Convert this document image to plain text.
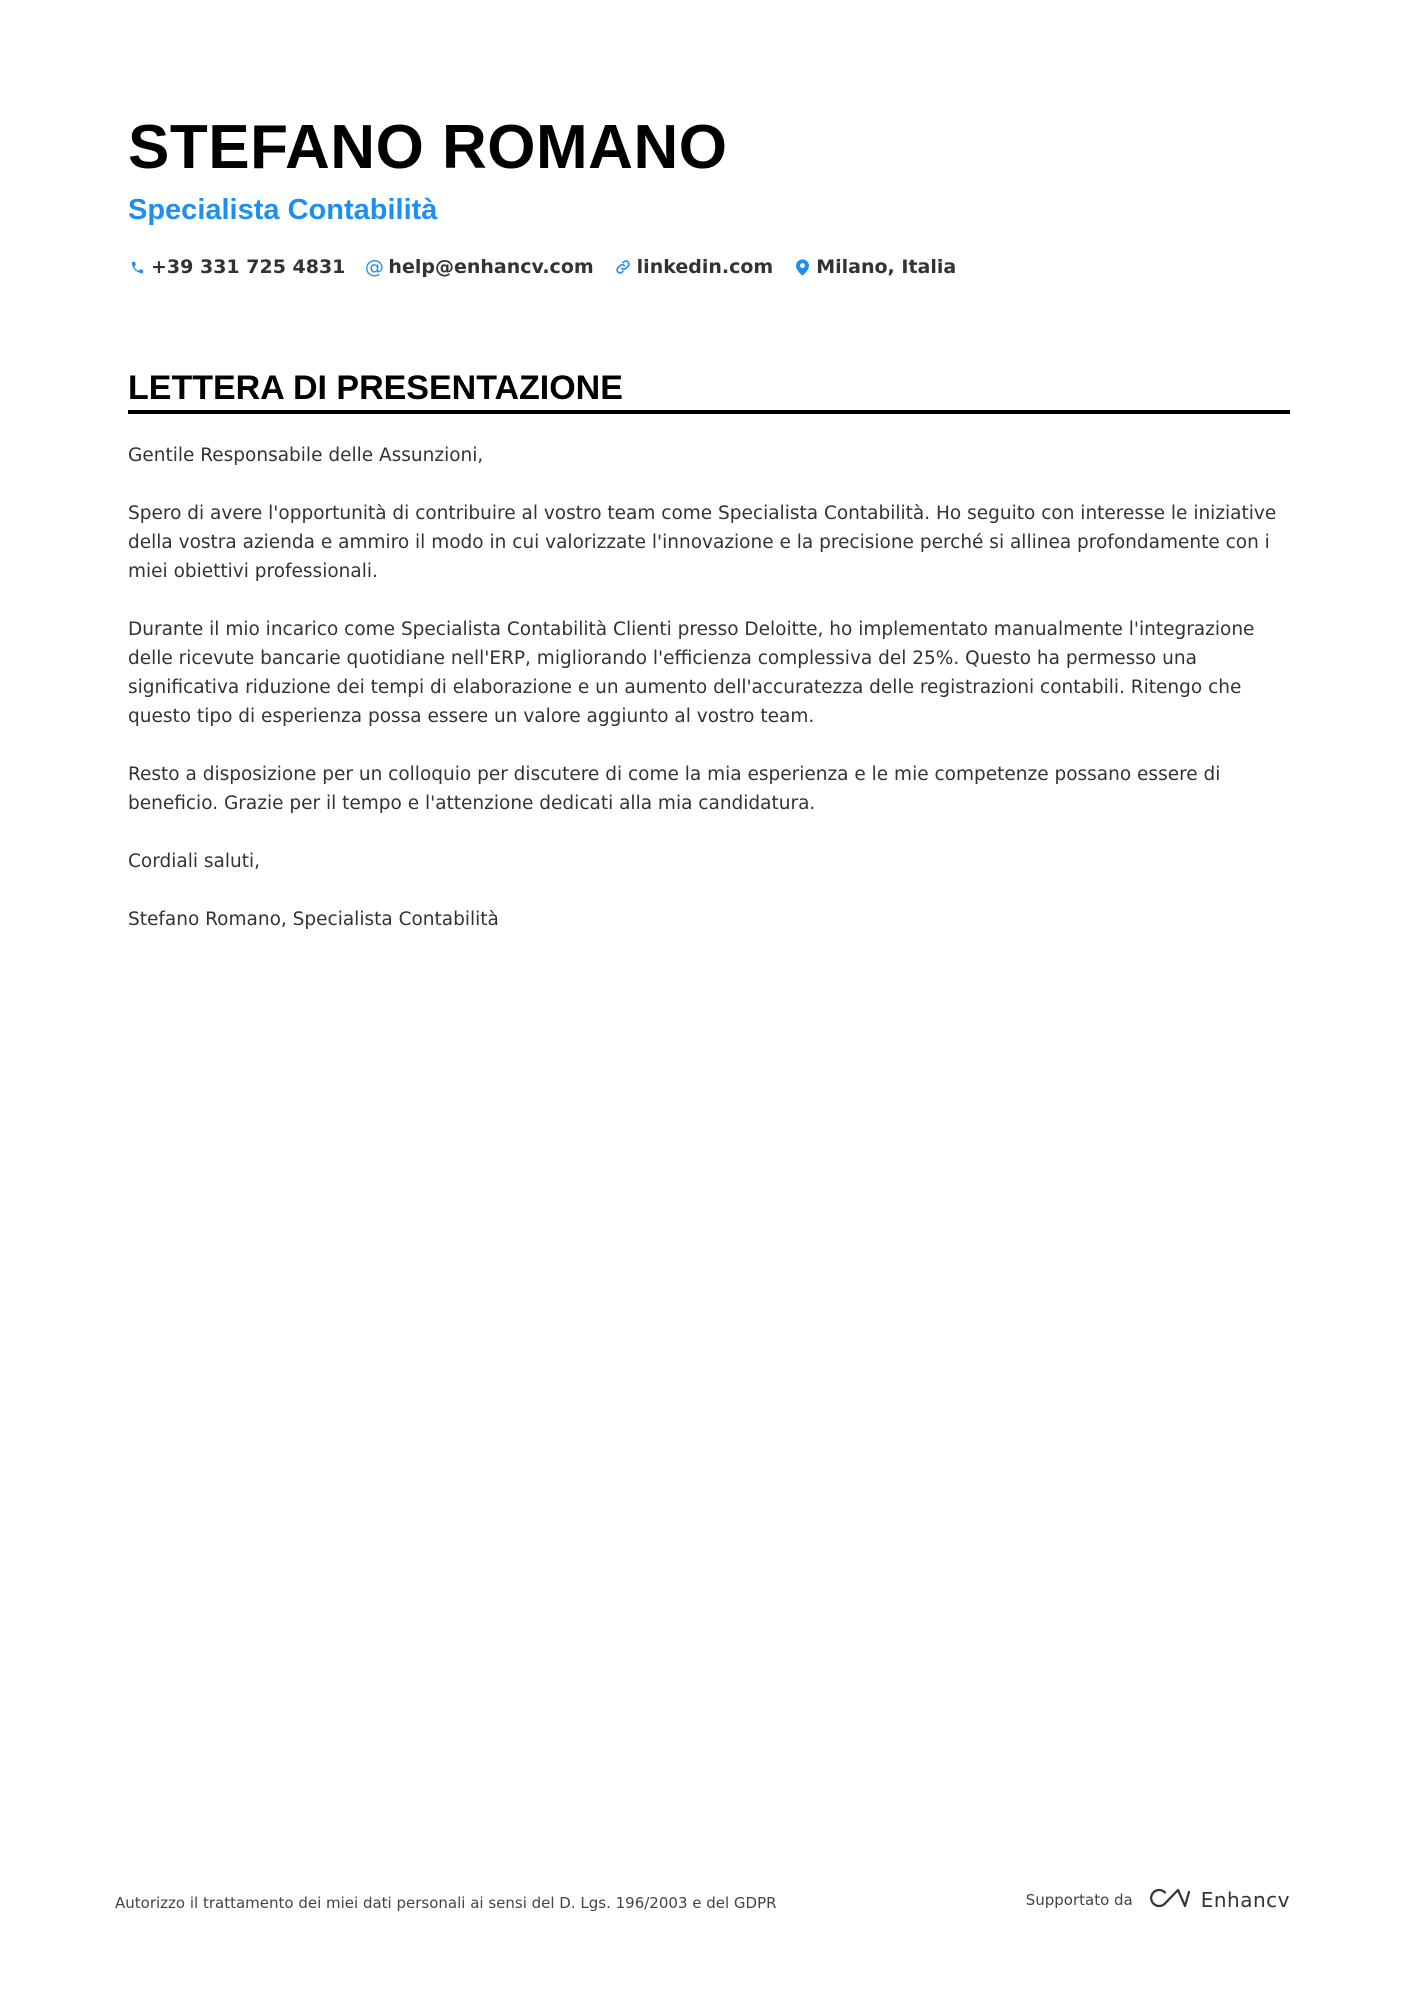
STEFANO ROMANO
Specialista Contabilità
+39 331 725 4831 @ help@enhancv.com linkedin.com Milano, Italia
LETTERA DI PRESENTAZIONE

Gentile Responsabile delle Assunzioni,

Spero di avere l'opportunità di contribuire al vostro team come Specialista Contabilità. Ho seguito con interesse le iniziative della vostra azienda e ammiro il modo in cui valorizzate l'innovazione e la precisione perché si allinea profondamente con i miei obiettivi professionali.

Durante il mio incarico come Specialista Contabilità Clienti presso Deloitte, ho implementato manualmente l'integrazione delle ricevute bancarie quotidiane nell'ERP, migliorando l'efficienza complessiva del 25%. Questo ha permesso una significativa riduzione dei tempi di elaborazione e un aumento dell'accuratezza delle registrazioni contabili. Ritengo che questo tipo di esperienza possa essere un valore aggiunto al vostro team.

Resto a disposizione per un colloquio per discutere di come la mia esperienza e le mie competenze possano essere di beneficio. Grazie per il tempo e l'attenzione dedicati alla mia candidatura.

Cordiali saluti,

Stefano Romano, Specialista Contabilità

Autorizzo il trattamento dei miei dati personali ai sensi del D. Lgs. 196/2003 e del GDPR	Supportato da	Enhancv
